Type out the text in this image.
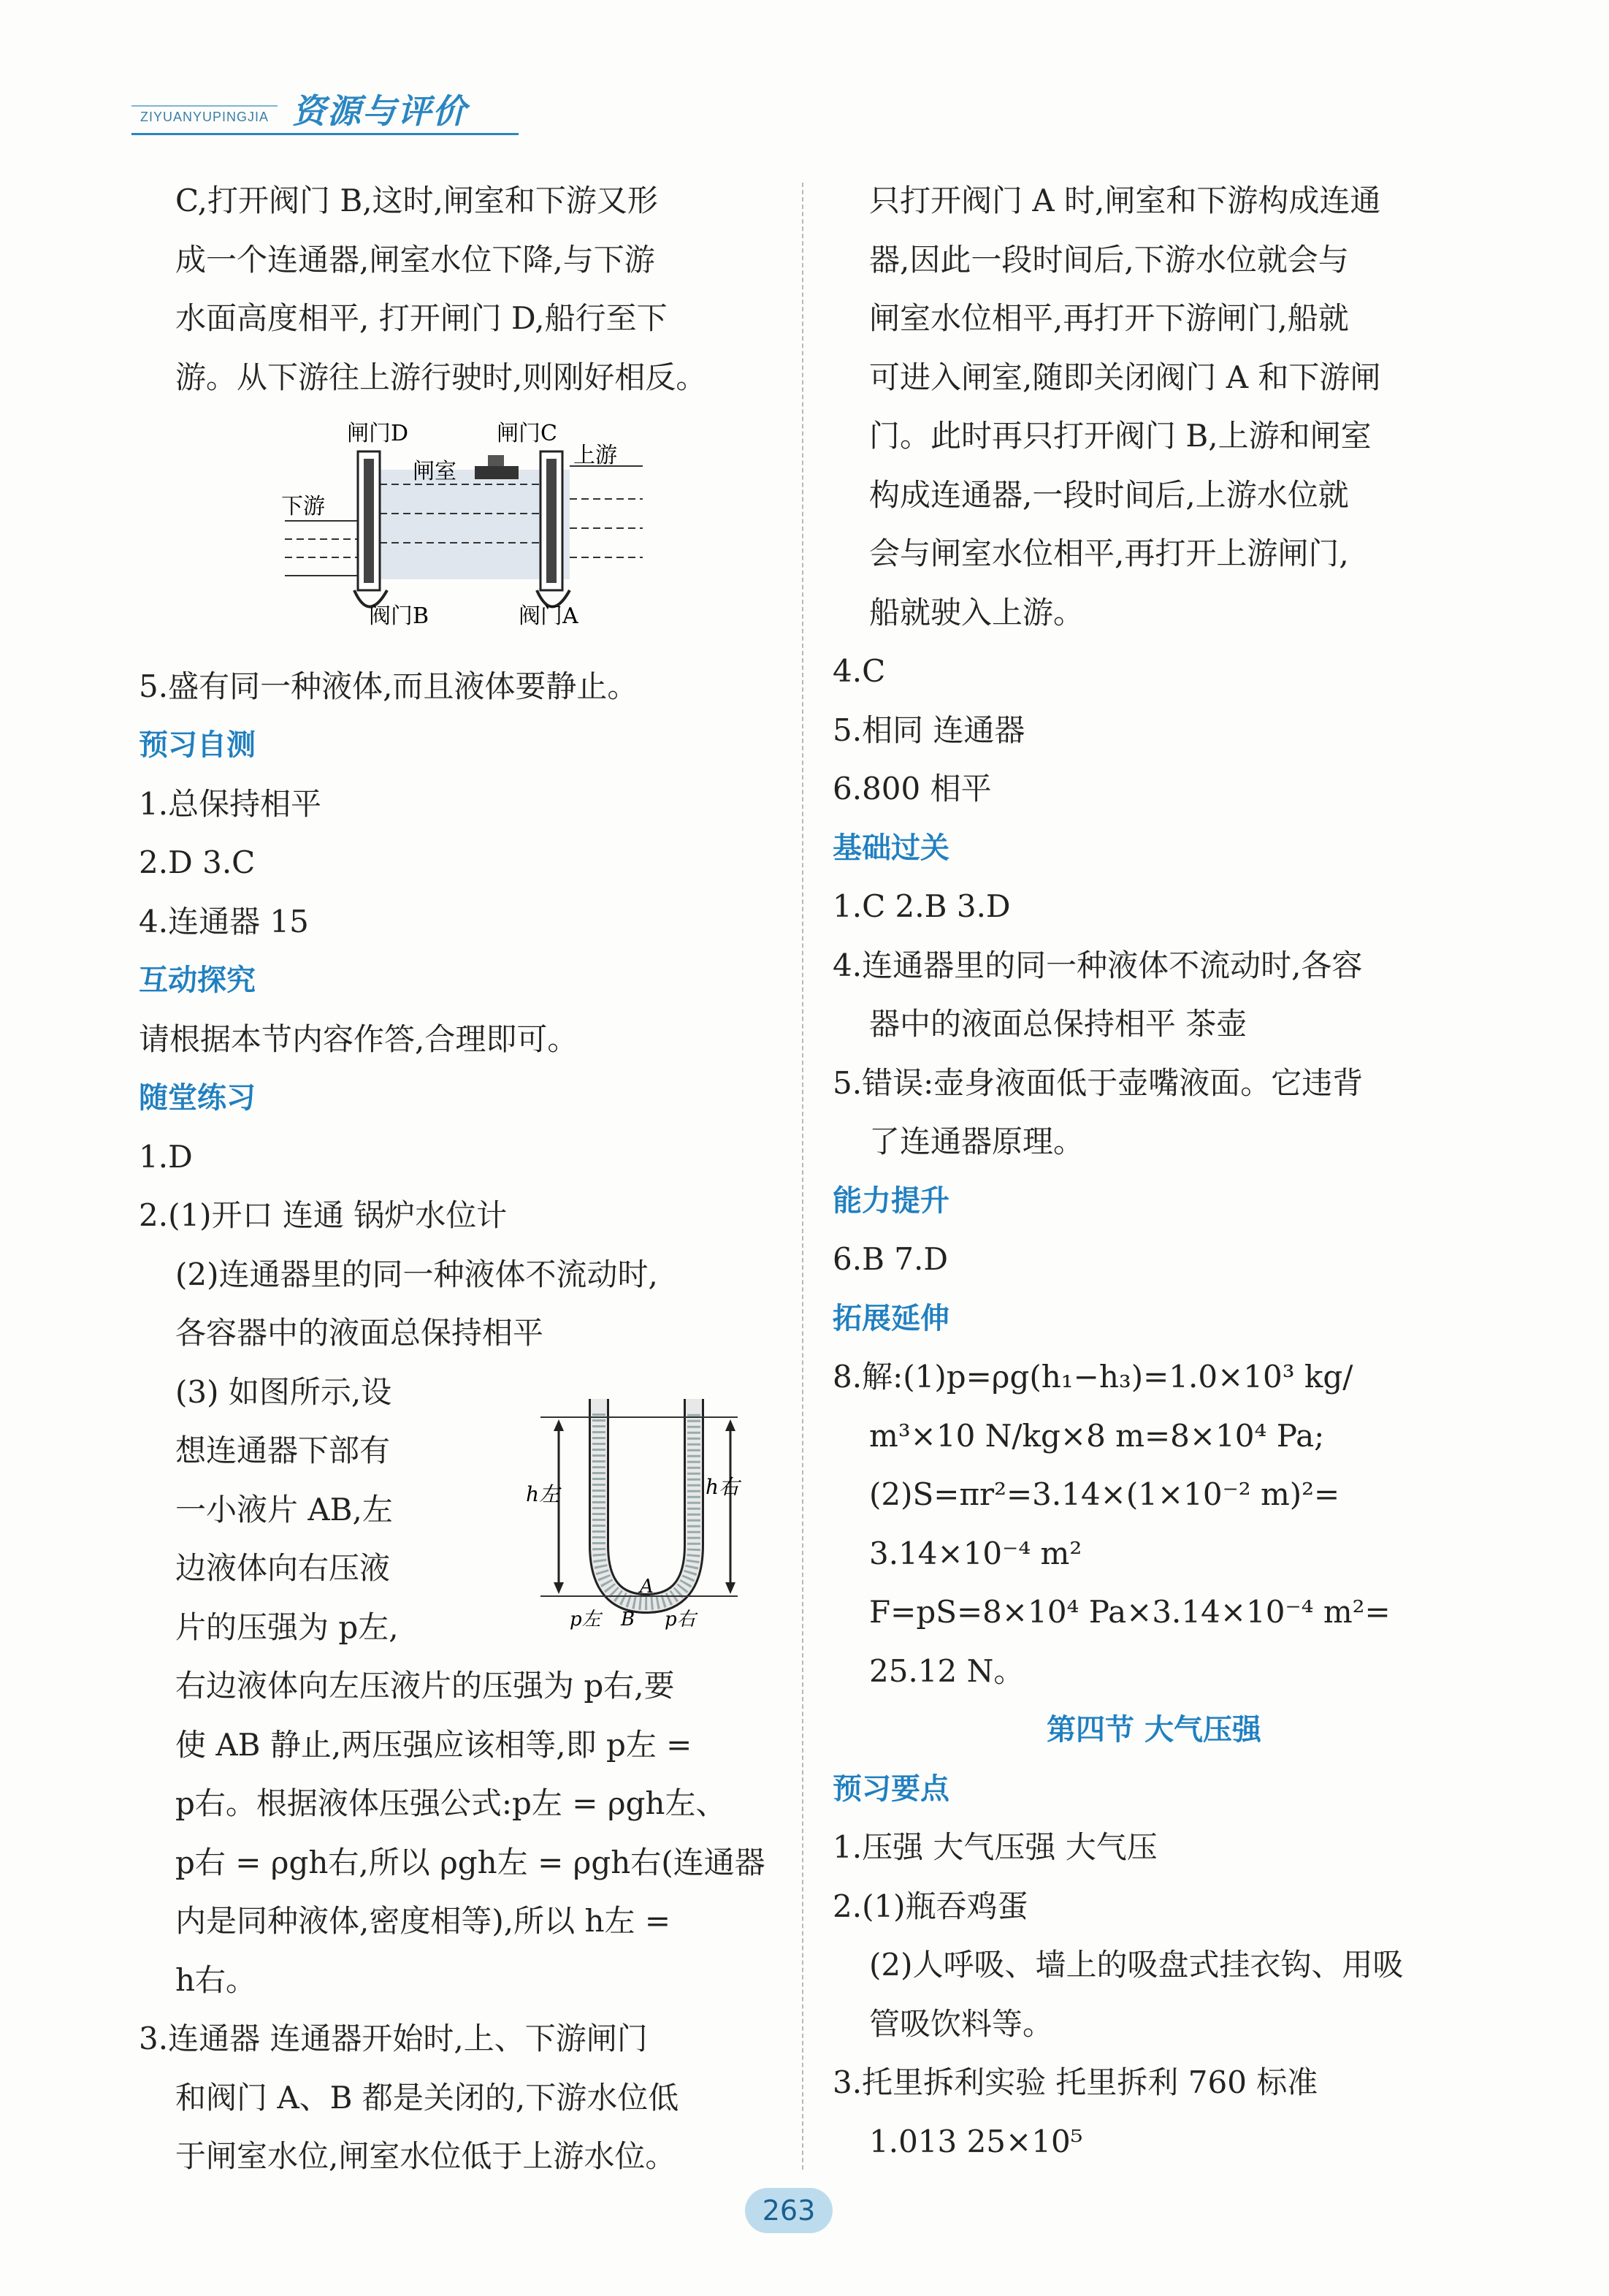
ZIYUANYUPINGJIA 资源与评价

C,打开阀门 B,这时,闸室和下游又形

成一个连通器,闸室水位下降,与下游

水面高度相平, 打开闸门 D,船行至下

游。从下游往上游行驶时,则刚好相反。

闸门D	闸门C
闸室
上游
下游
阀门B	阀门A

5.盛有同一种液体,而且液体要静止。

预习自测

1.总保持相平

2.D 3.C

4.连通器 15

互动探究

请根据本节内容作答,合理即可。

随堂练习

1.D

2.(1)开口 连通 锅炉水位计

(2)连通器里的同一种液体不流动时,

各容器中的液面总保持相平

(3) 如图所示,设

想连通器下部有

一小液片 AB,左

边液体向右压液

片的压强为 p左,

右边液体向左压液片的压强为 p右,要

使 AB 静止,两压强应该相等,即 p左 =

p右。根据液体压强公式:p左 = ρgh左、

p右 = ρgh右,所以 ρgh左 = ρgh右(连通器

内是同种液体,密度相等),所以 h左 =

h右。

3.连通器 连通器开始时,上、下游闸门

和阀门 A、B 都是关闭的,下游水位低

于闸室水位,闸室水位低于上游水位。

h左	h右
A
B
p左	p右

只打开阀门 A 时,闸室和下游构成连通

器,因此一段时间后,下游水位就会与

闸室水位相平,再打开下游闸门,船就

可进入闸室,随即关闭阀门 A 和下游闸

门。此时再只打开阀门 B,上游和闸室

构成连通器,一段时间后,上游水位就

会与闸室水位相平,再打开上游闸门,

船就驶入上游。

4.C

5.相同 连通器

6.800 相平

基础过关

1.C 2.B 3.D

4.连通器里的同一种液体不流动时,各容

器中的液面总保持相平 茶壶

5.错误:壶身液面低于壶嘴液面。它违背

了连通器原理。

能力提升

6.B 7.D

拓展延伸

8.解:(1)p=ρg(h₁−h₃)=1.0×10³ kg/

m³×10 N/kg×8 m=8×10⁴ Pa;

(2)S=πr²=3.14×(1×10⁻² m)²=

3.14×10⁻⁴ m²

F=pS=8×10⁴ Pa×3.14×10⁻⁴ m²=

25.12 N。

第四节 大气压强

预习要点

1.压强 大气压强 大气压

2.(1)瓶吞鸡蛋

(2)人呼吸、墙上的吸盘式挂衣钩、用吸

管吸饮料等。

3.托里拆利实验 托里拆利 760 标准

1.013 25×10⁵

263
